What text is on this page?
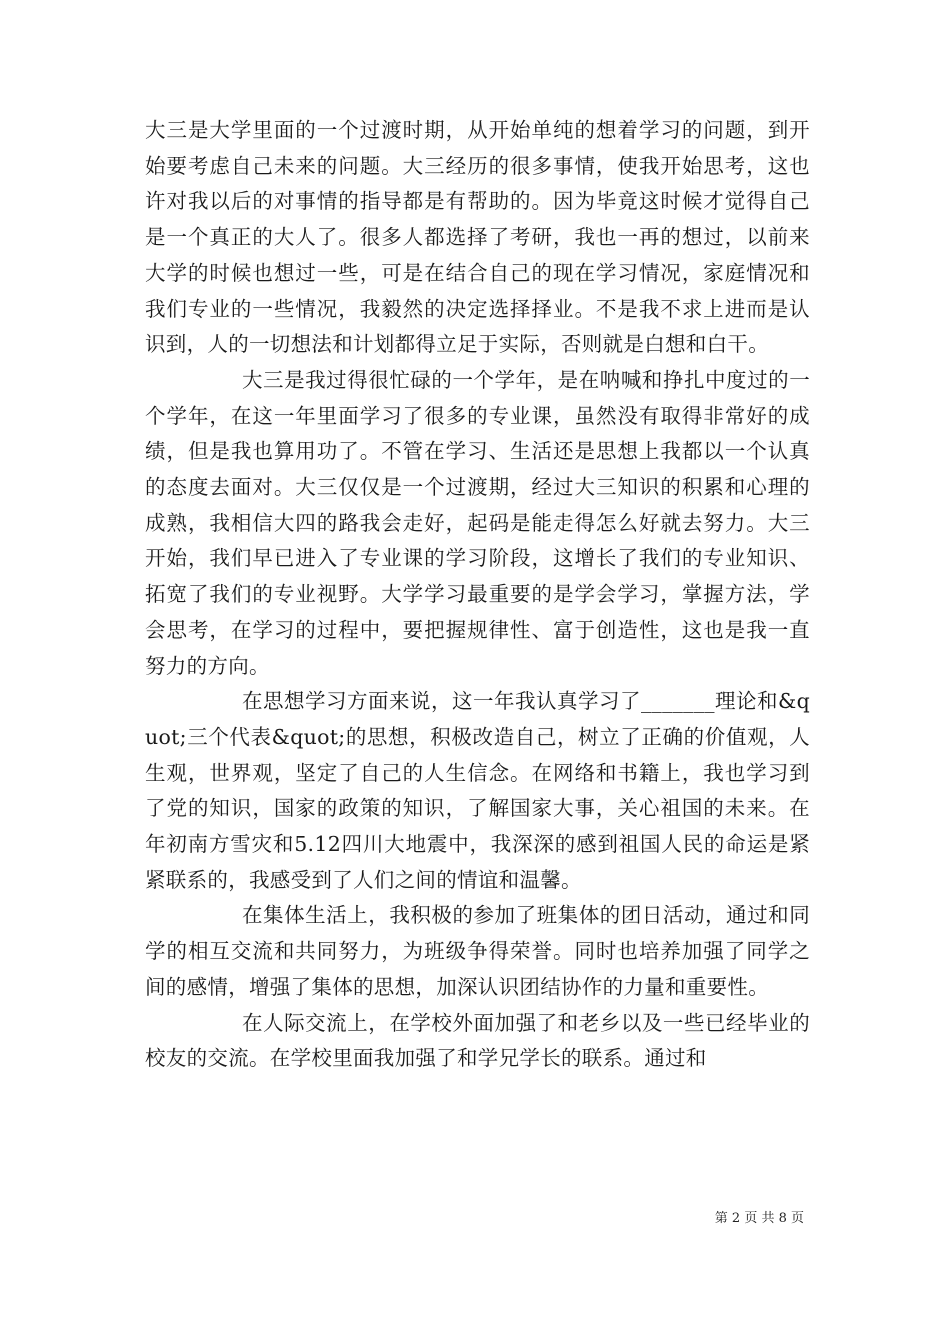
大三是大学里面的一个过渡时期，从开始单纯的想着学习的问题，到开始要考虑自己未来的问题。大三经历的很多事情，使我开始思考，这也许对我以后的对事情的指导都是有帮助的。因为毕竟这时候才觉得自己是一个真正的大人了。很多人都选择了考研，我也一再的想过，以前来大学的时候也想过一些，可是在结合自己的现在学习情况，家庭情况和我们专业的一些情况，我毅然的决定选择择业。不是我不求上进而是认识到，人的一切想法和计划都得立足于实际，否则就是白想和白干。

大三是我过得很忙碌的一个学年，是在呐喊和挣扎中度过的一个学年，在这一年里面学习了很多的专业课，虽然没有取得非常好的成绩，但是我也算用功了。不管在学习、生活还是思想上我都以一个认真的态度去面对。大三仅仅是一个过渡期，经过大三知识的积累和心理的成熟，我相信大四的路我会走好，起码是能走得怎么好就去努力。大三开始，我们早已进入了专业课的学习阶段，这增长了我们的专业知识、拓宽了我们的专业视野。大学学习最重要的是学会学习，掌握方法，学会思考，在学习的过程中，要把握规律性、富于创造性，这也是我一直努力的方向。

在思想学习方面来说，这一年我认真学习了_______理论和&quot;三个代表&quot;的思想，积极改造自己，树立了正确的价值观，人生观，世界观，坚定了自己的人生信念。在网络和书籍上，我也学习到了党的知识，国家的政策的知识，了解国家大事，关心祖国的未来。在年初南方雪灾和5.12四川大地震中，我深深的感到祖国人民的命运是紧紧联系的，我感受到了人们之间的情谊和温馨。

在集体生活上，我积极的参加了班集体的团日活动，通过和同学的相互交流和共同努力，为班级争得荣誉。同时也培养加强了同学之间的感情，增强了集体的思想，加深认识团结协作的力量和重要性。

在人际交流上，在学校外面加强了和老乡以及一些已经毕业的校友的交流。在学校里面我加强了和学兄学长的联系。通过和

第 2 页 共 8 页
